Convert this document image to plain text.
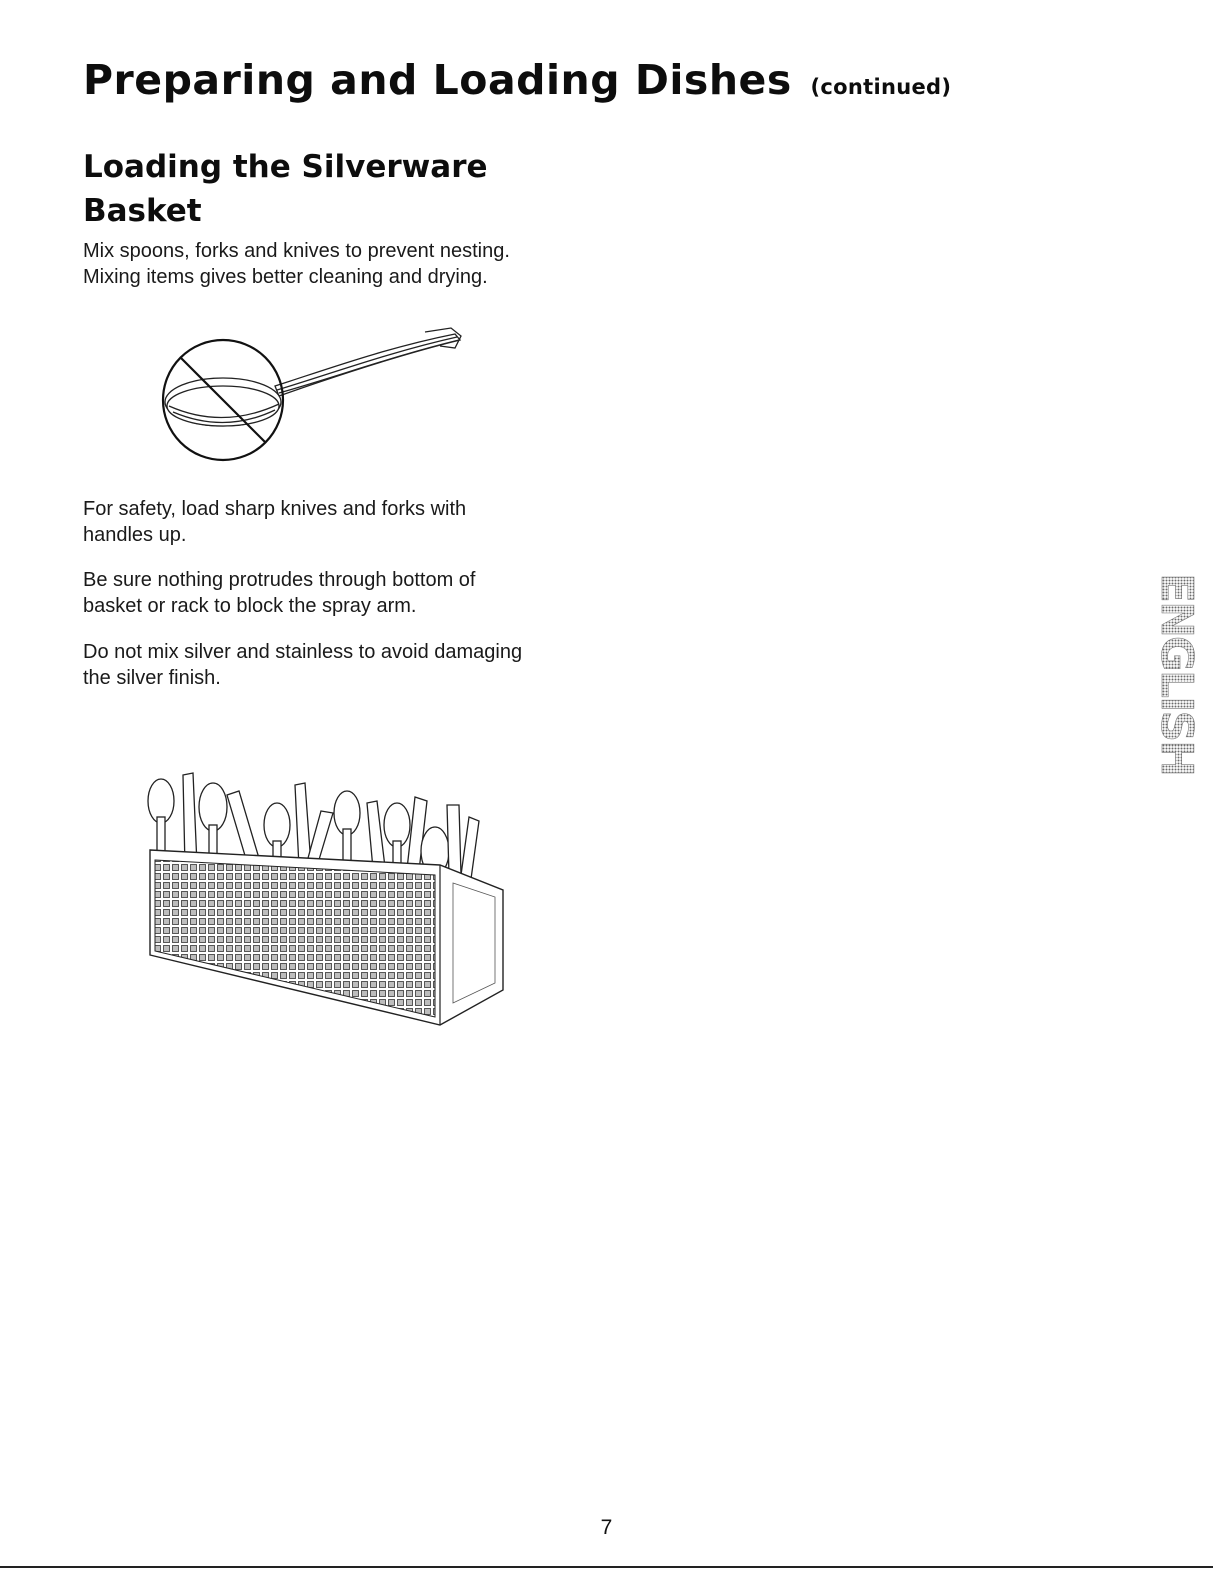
Preparing and Loading Dishes (continued)
Loading the Silverware Basket

Mix spoons, forks and knives to prevent nesting.
Mixing items gives better cleaning and drying.

For safety, load sharp knives and forks with
handles up.

Be sure nothing protrudes through bottom of
basket or rack to block the spray arm.

Do not mix silver and stainless to avoid damaging
the silver finish.	ENGLISH
7
